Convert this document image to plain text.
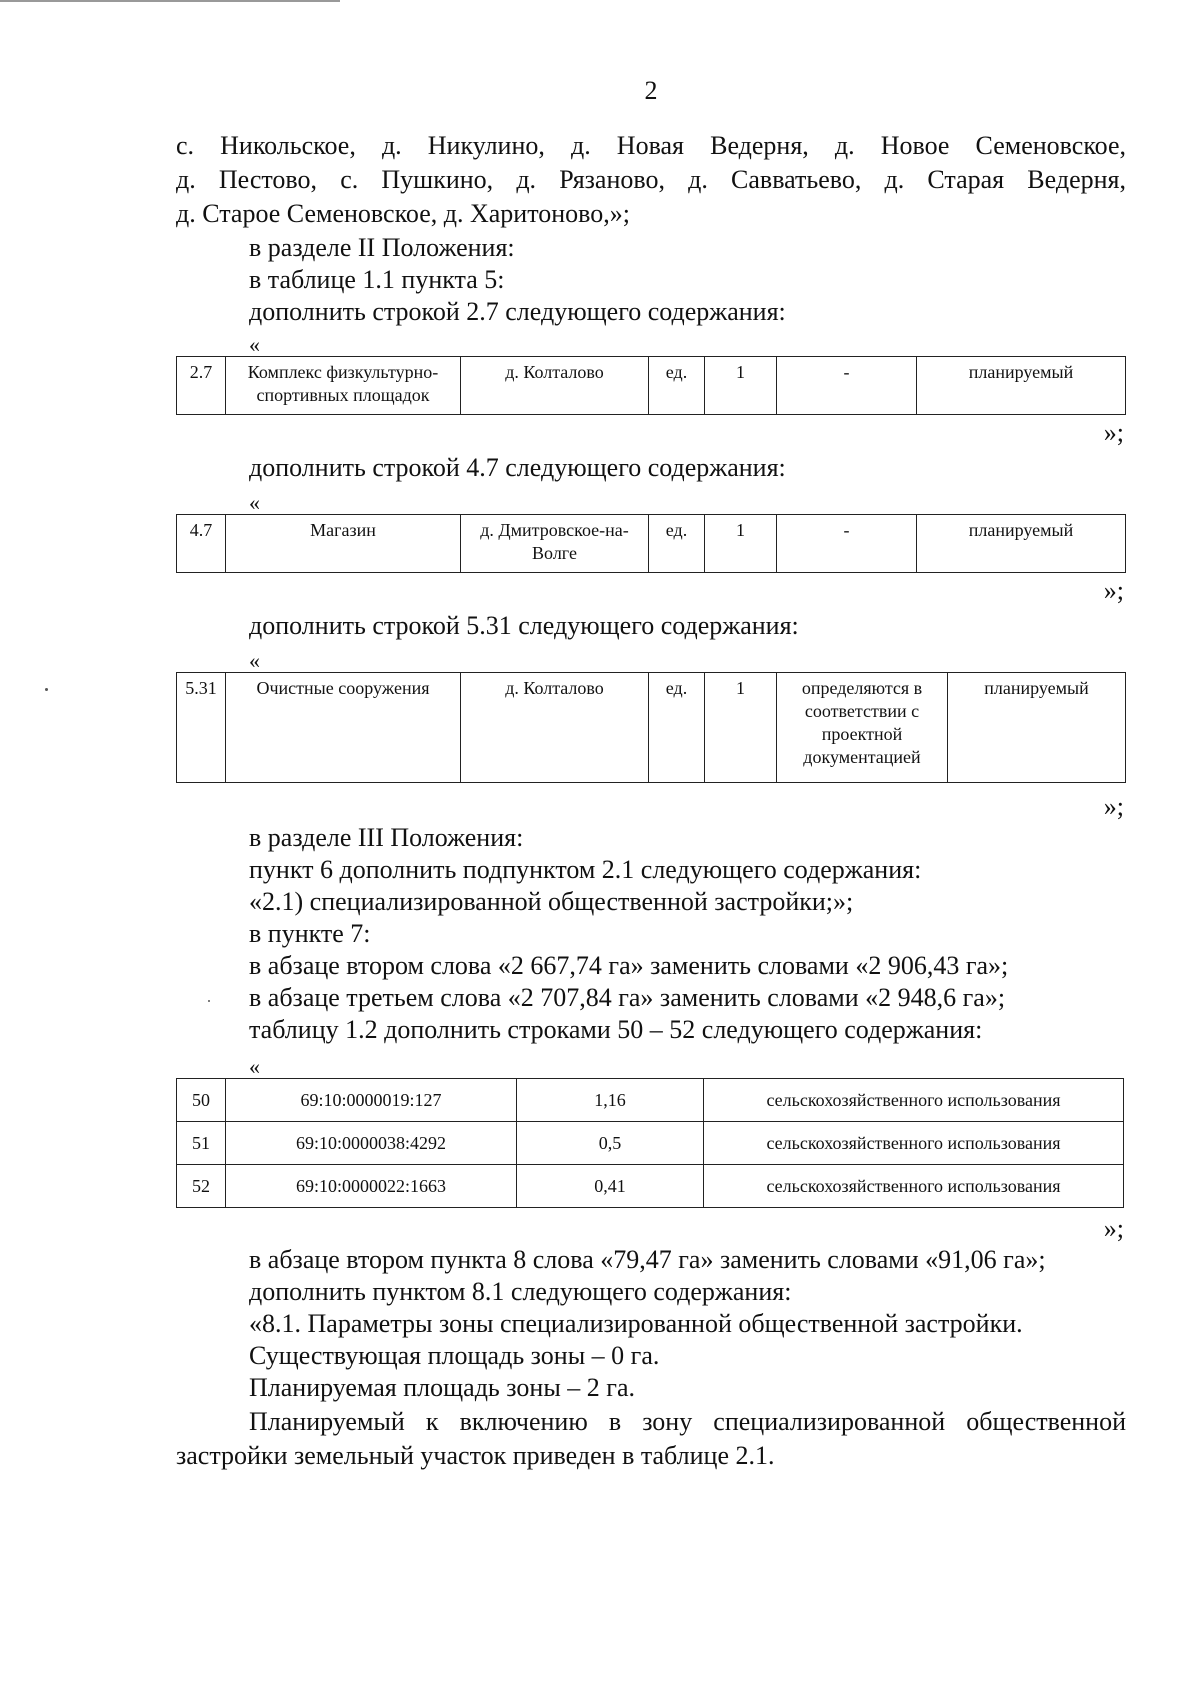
2
с. Никольское, д. Никулино, д. Новая Ведерня, д. Новое Семеновское,
д. Пестово, с. Пушкино, д. Рязаново, д. Савватьево, д. Старая Ведерня,
д. Старое Семеновское, д. Харитоново,»;
в разделе II Положения:
в таблице 1.1 пункта 5:
дополнить строкой 2.7 следующего содержания:
«
2.7	Комплекс физкультурно-спортивных площадок	д. Колталово	ед.	1	-	планируемый
»;
дополнить строкой 4.7 следующего содержания:
«
4.7	Магазин	д. Дмитровское-на-Волге	ед.	1	-	планируемый
»;
дополнить строкой 5.31 следующего содержания:
«
5.31	Очистные сооружения	д. Колталово	ед.	1	определяются в соответствии с проектной документацией	планируемый
»;
в разделе III Положения:
пункт 6 дополнить подпунктом 2.1 следующего содержания:
«2.1) специализированной общественной застройки;»;
в пункте 7:
в абзаце втором слова «2 667,74 га» заменить словами «2 906,43 га»;
в абзаце третьем слова «2 707,84 га» заменить словами «2 948,6 га»;
таблицу 1.2 дополнить строками 50 – 52 следующего содержания:
«
50	69:10:0000019:127	1,16	сельскохозяйственного использования
51	69:10:0000038:4292	0,5	сельскохозяйственного использования
52	69:10:0000022:1663	0,41	сельскохозяйственного использования
»;
в абзаце втором пункта 8 слова «79,47 га» заменить словами «91,06 га»;
дополнить пунктом 8.1 следующего содержания:
«8.1. Параметры зоны специализированной общественной застройки.
Существующая площадь зоны – 0 га.
Планируемая площадь зоны – 2 га.
Планируемый к включению в зону специализированной общественной
застройки земельный участок приведен в таблице 2.1.
